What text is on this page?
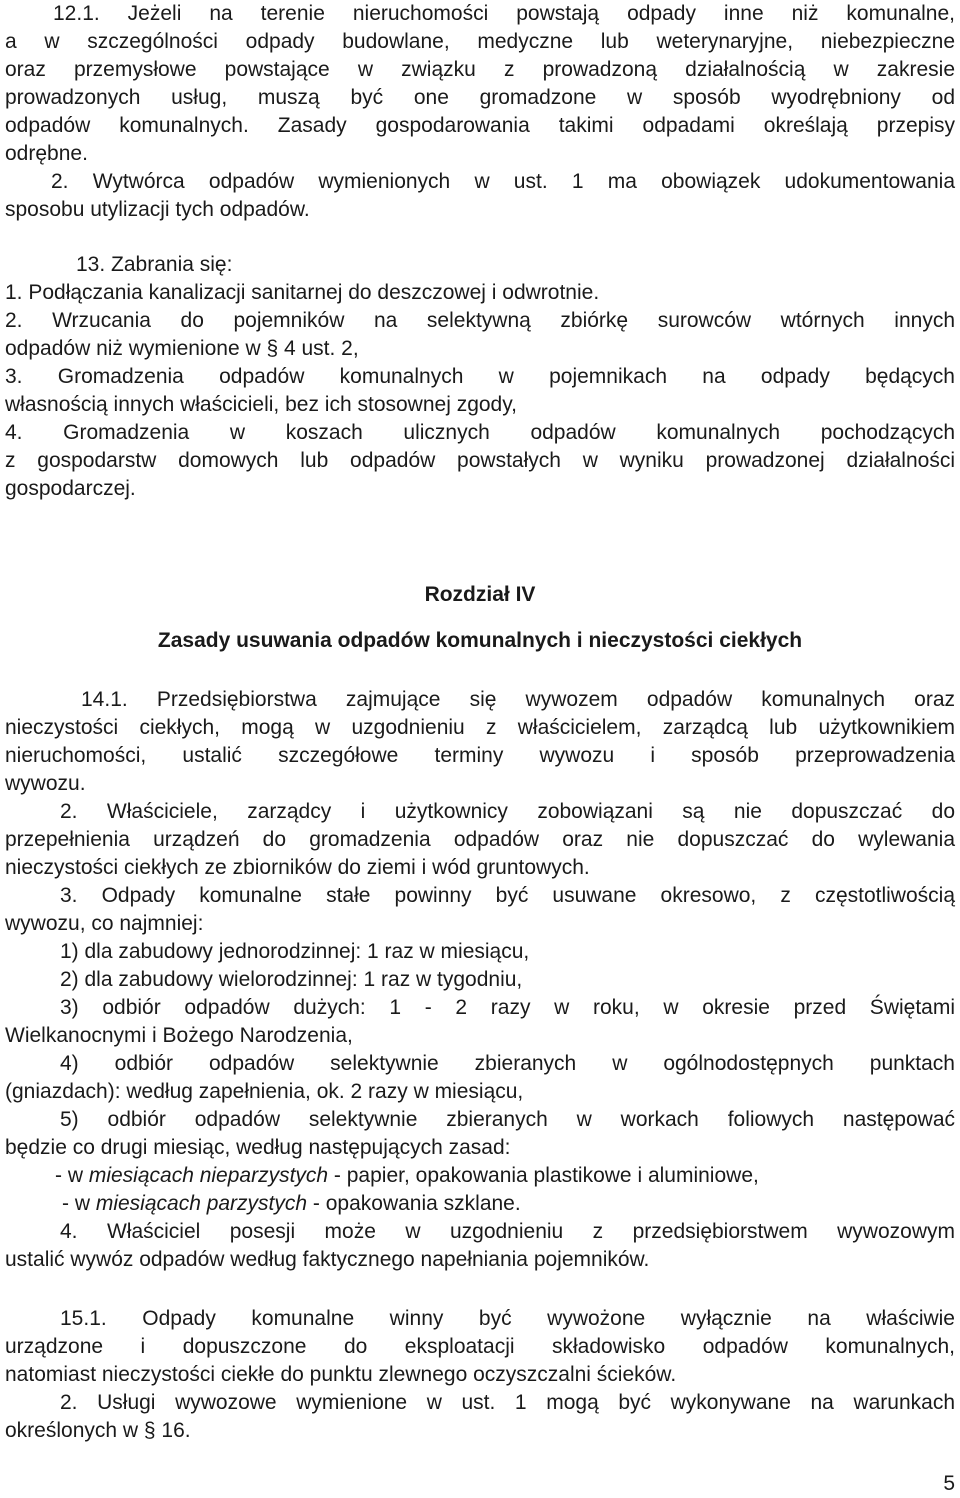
12.1. Jeżeli na terenie nieruchomości powstają odpady inne niż komunalne,
a w szczególności odpady budowlane, medyczne lub weterynaryjne, niebezpieczne
oraz przemysłowe powstające w związku z prowadzoną działalnością w zakresie
prowadzonych usług, muszą być one gromadzone w sposób wyodrębniony od
odpadów komunalnych. Zasady gospodarowania takimi odpadami określają przepisy
odrębne.
2. Wytwórca odpadów wymienionych w ust. 1 ma obowiązek udokumentowania
sposobu utylizacji tych odpadów.
13. Zabrania się:
1. Podłączania kanalizacji sanitarnej do deszczowej i odwrotnie.
2. Wrzucania do pojemników na selektywną zbiórkę surowców wtórnych innych
odpadów niż wymienione w § 4 ust. 2,
3. Gromadzenia odpadów komunalnych w pojemnikach na odpady będących
własnością innych właścicieli, bez ich stosownej zgody,
4. Gromadzenia w koszach ulicznych odpadów komunalnych pochodzących
z gospodarstw domowych lub odpadów powstałych w wyniku prowadzonej działalności
gospodarczej.
Rozdział IV
Zasady usuwania odpadów komunalnych i nieczystości ciekłych
14.1. Przedsiębiorstwa zajmujące się wywozem odpadów komunalnych oraz
nieczystości ciekłych, mogą w uzgodnieniu z właścicielem, zarządcą lub użytkownikiem
nieruchomości, ustalić szczegółowe terminy wywozu i sposób przeprowadzenia
wywozu.
2. Właściciele, zarządcy i użytkownicy zobowiązani są nie dopuszczać do
przepełnienia urządzeń do gromadzenia odpadów oraz nie dopuszczać do wylewania
nieczystości ciekłych ze zbiorników do ziemi i wód gruntowych.
3. Odpady komunalne stałe powinny być usuwane okresowo, z częstotliwością
wywozu, co najmniej:
1) dla zabudowy jednorodzinnej: 1 raz w miesiącu,
2) dla zabudowy wielorodzinnej: 1 raz w tygodniu,
3) odbiór odpadów dużych: 1 - 2 razy w roku, w okresie przed Świętami
Wielkanocnymi i Bożego Narodzenia,
4) odbiór odpadów selektywnie zbieranych w ogólnodostępnych punktach
(gniazdach): według zapełnienia, ok. 2 razy w miesiącu,
5) odbiór odpadów selektywnie zbieranych w workach foliowych następować
będzie co drugi miesiąc, według następujących zasad:
- w miesiącach nieparzystych - papier, opakowania plastikowe i aluminiowe,
- w miesiącach parzystych - opakowania szklane.
4. Właściciel posesji może w uzgodnieniu z przedsiębiorstwem wywozowym
ustalić wywóz odpadów według faktycznego napełniania pojemników.
15.1. Odpady komunalne winny być wywożone wyłącznie na właściwie
urządzone i dopuszczone do eksploatacji składowisko odpadów komunalnych,
natomiast nieczystości ciekłe do punktu zlewnego oczyszczalni ścieków.
2. Usługi wywozowe wymienione w ust. 1 mogą być wykonywane na warunkach
określonych w § 16.
5
